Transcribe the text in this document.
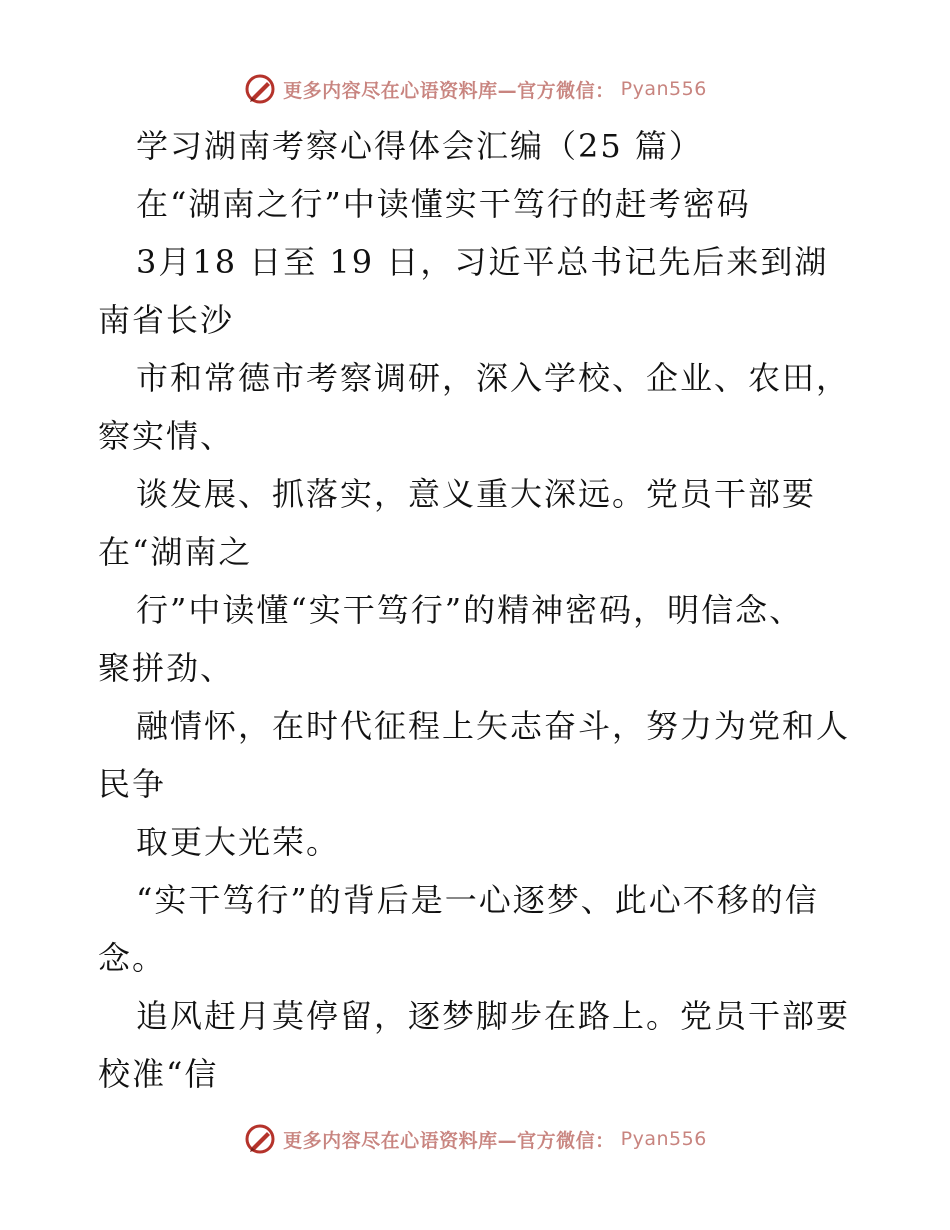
更多内容尽在心语资料库—官方微信： Pyan556
学习湖南考察心得体会汇编（25 篇）
在“湖南之行”中读懂实干笃行的赶考密码
3月18 日至 19 日，习近平总书记先后来到湖
南省长沙
市和常德市考察调研，深入学校、企业、农田，
察实情、
谈发展、抓落实，意义重大深远。党员干部要
在“湖南之
行”中读懂“实干笃行”的精神密码，明信念、
聚拼劲、
融情怀，在时代征程上矢志奋斗，努力为党和人
民争
取更大光荣。
“实干笃行”的背后是一心逐梦、此心不移的信
念。
追风赶月莫停留，逐梦脚步在路上。党员干部要
校准“信
更多内容尽在心语资料库—官方微信： Pyan556
